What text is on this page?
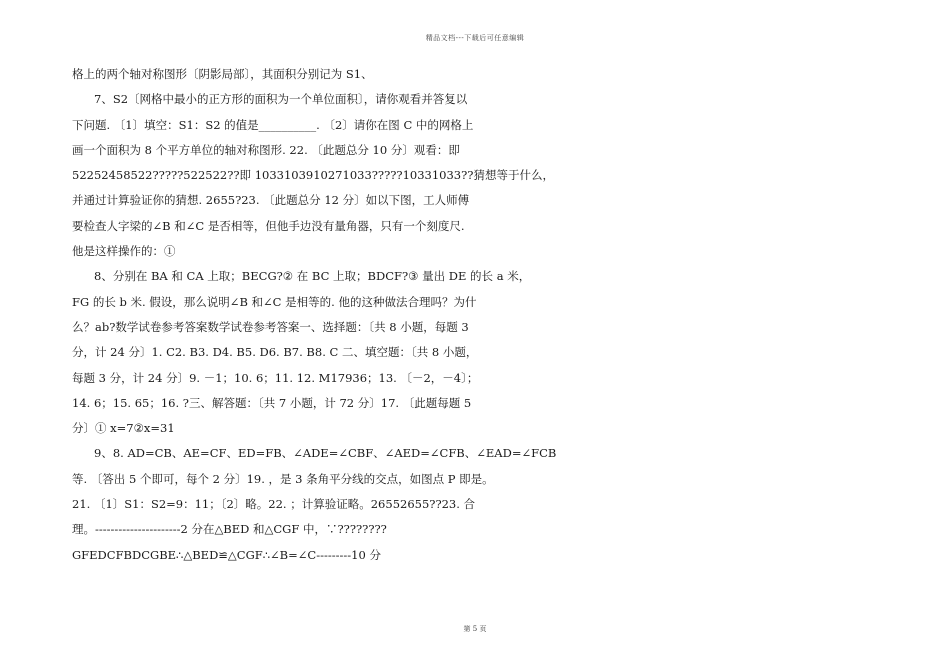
精品文档---下载后可任意编辑
格上的两个轴对称图形〔阴影局部〕，其面积分别记为 S1、
7、S2〔网格中最小的正方形的面积为一个单位面积〕，请你观看并答复以
下问题. 〔1〕填空：S1：S2 的值是__________. 〔2〕请你在图 C 中的网格上
画一个面积为 8 个平方单位的轴对称图形. 22. 〔此题总分 10 分〕观看：即
52252458522?????522522??即 1033103910271033?????10331033??猜想等于什么，
并通过计算验证你的猜想. 2655?23. 〔此题总分 12 分〕如以下图，工人师傅
要检查人字梁的∠B 和∠C 是否相等，但他手边没有量角器，只有一个刻度尺.
他是这样操作的：①
8、分别在 BA 和 CA 上取；BECG?② 在 BC 上取；BDCF?③ 量出 DE 的长 a 米，
FG 的长 b 米. 假设，那么说明∠B 和∠C 是相等的. 他的这种做法合理吗？为什
么？ab?数学试卷参考答案数学试卷参考答案一、选择题：〔共 8 小题，每题 3
分，计 24 分〕1. C2. B3. D4. B5. D6. B7. B8. C 二、填空题：〔共 8 小题，
每题 3 分，计 24 分〕9. －1；10. 6；11. 12. M17936；13. 〔－2，－4〕；
14. 6；15. 65；16. ?三、解答题：〔共 7 小题，计 72 分〕17. 〔此题每题 5
分〕① x=7②x=31
9、8. AD=CB、AE=CF、ED=FB、∠ADE=∠CBF、∠AED=∠CFB、∠EAD=∠FCB
等. 〔答出 5 个即可，每个 2 分〕19. ，是 3 条角平分线的交点，如图点 P 即是。
21. 〔1〕S1：S2=9：11；〔2〕略。22. ；计算验证略。26552655??23. 合
理。----------------------2 分在△BED 和△CGF 中，∵????????
GFEDCFBDCGBE∴△BED≌△CGF∴∠B=∠C---------10 分
第 5 页
